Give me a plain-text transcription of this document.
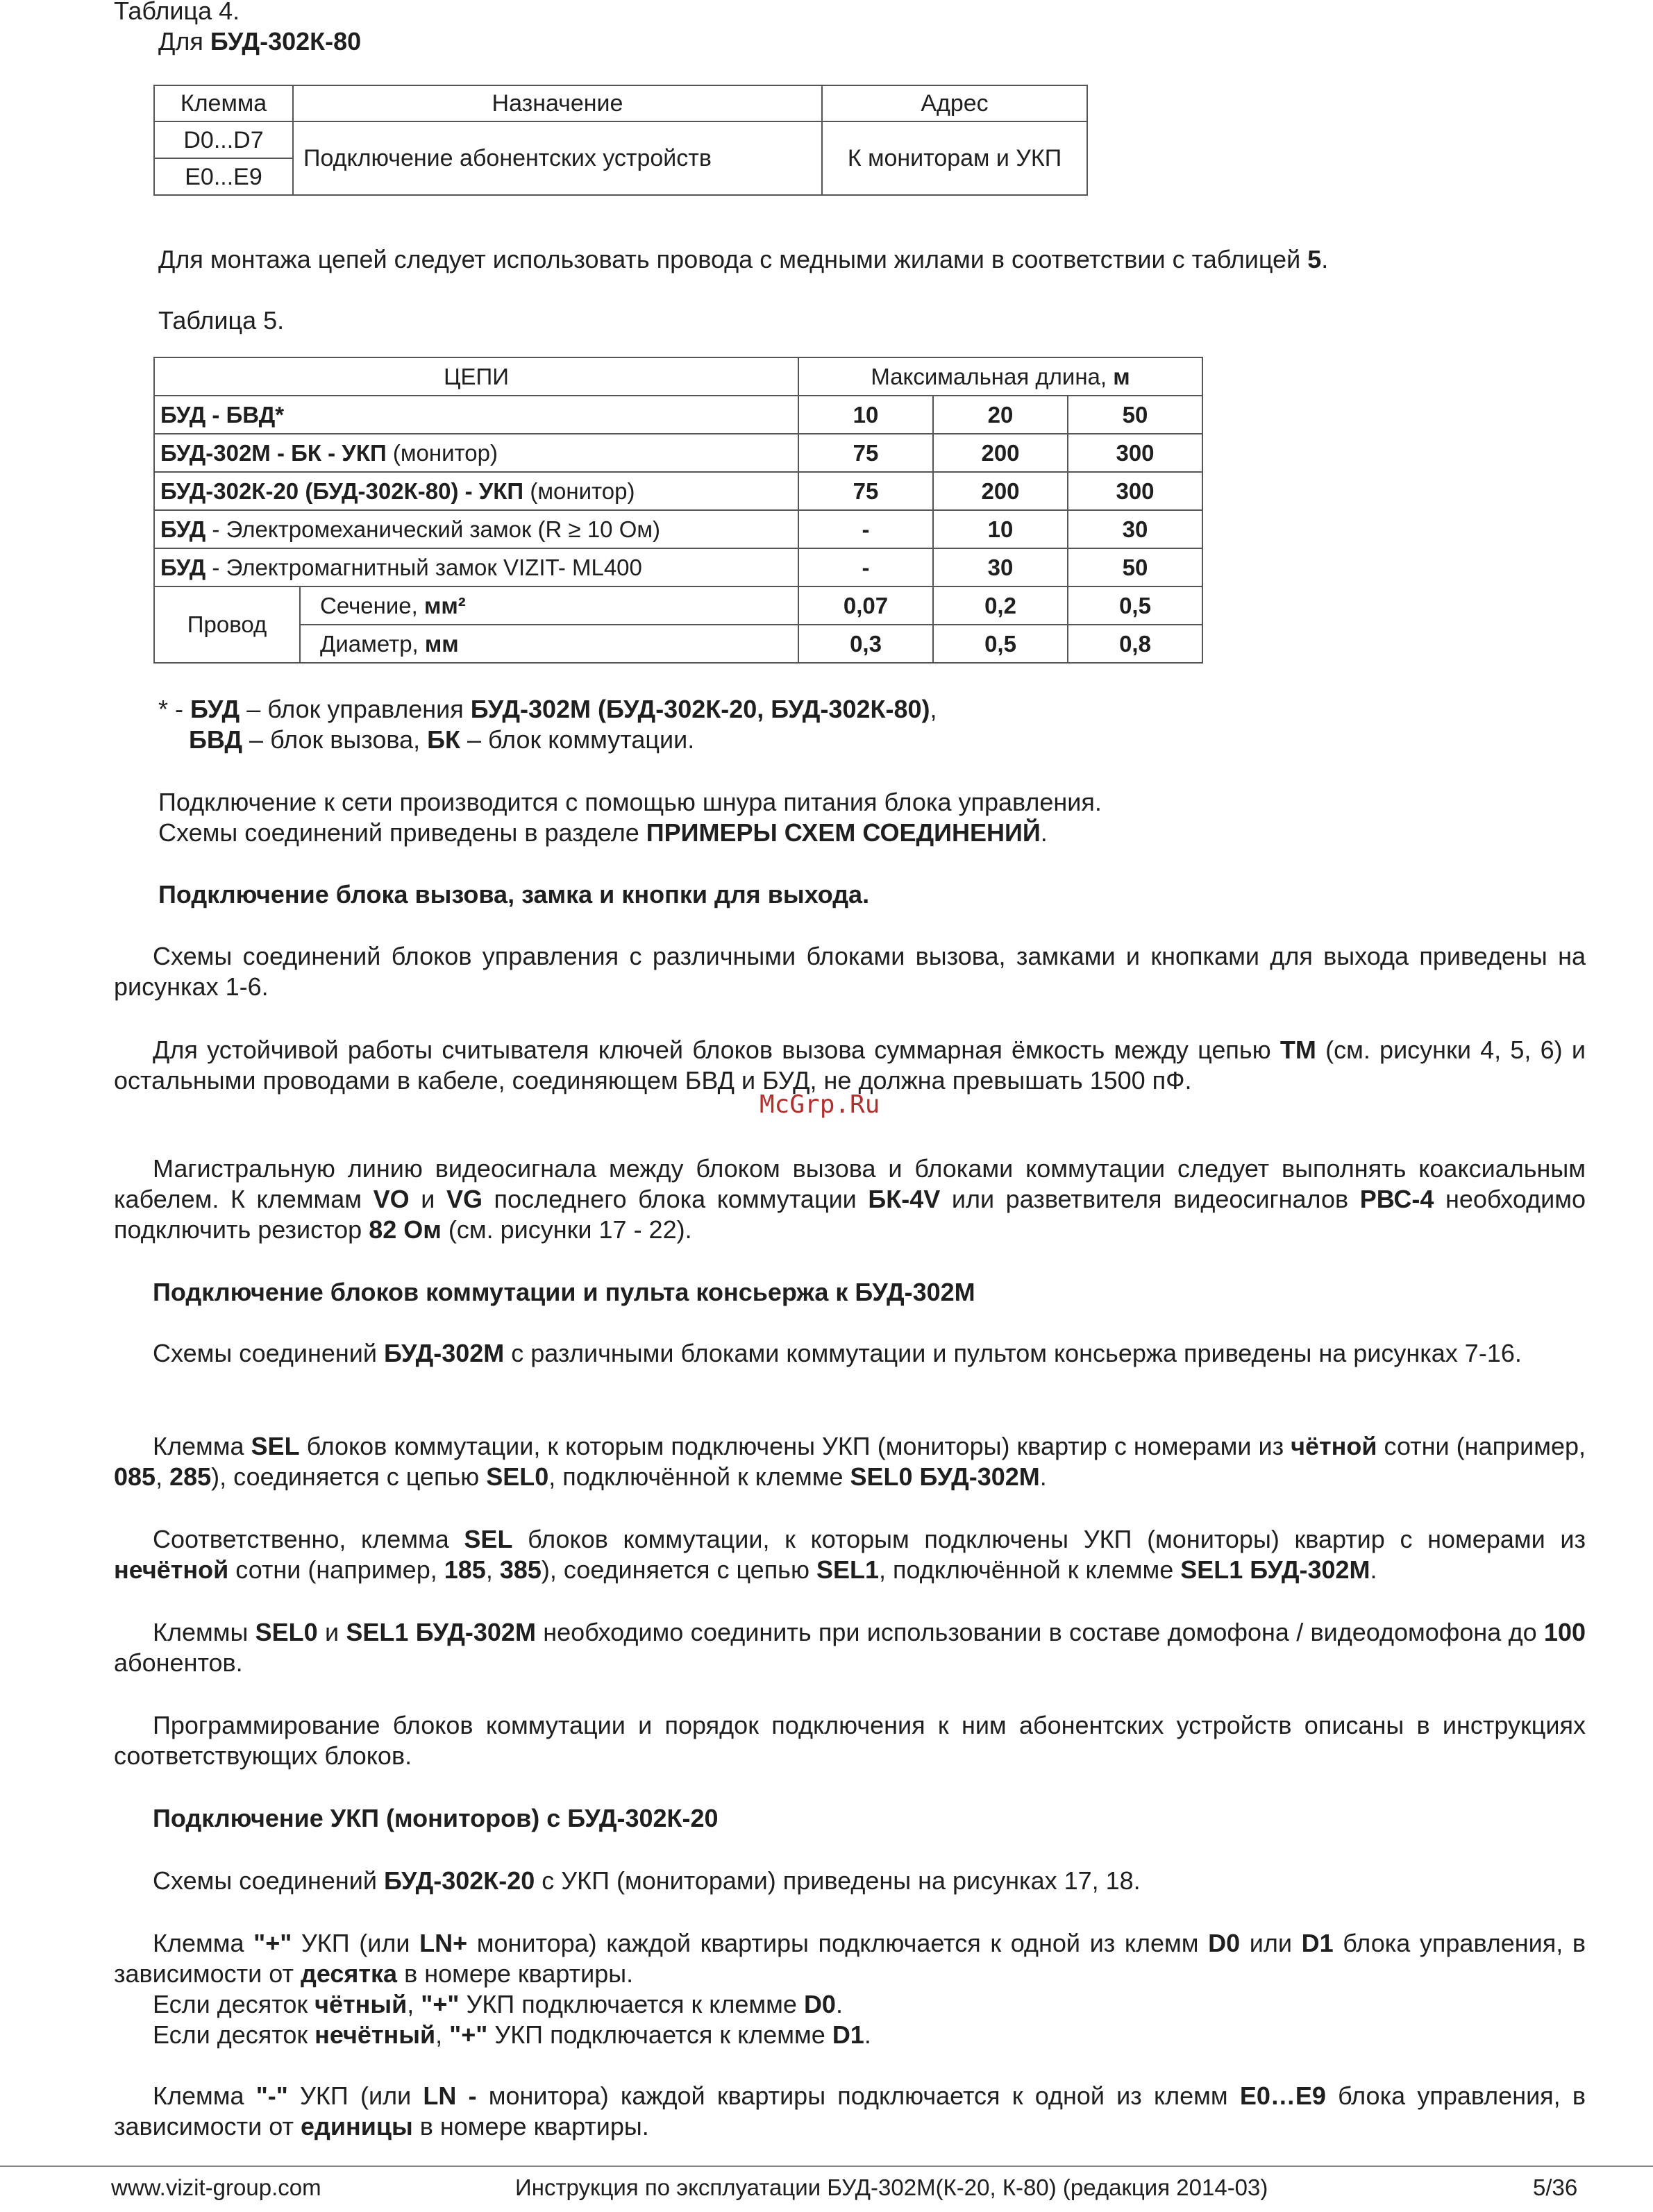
Таблица 4.
Для БУД-302К-80
Клемма	Назначение	Адрес
D0...D7	Подключение абонентских устройств	К мониторам и УКП
E0...E9		
Для монтажа цепей следует использовать провода с медными жилами в соответствии с таблицей 5.
Таблица 5.
ЦЕПИ		Максимальная длина, м		
БУД - БВД*		10	20	50
БУД-302М - БК - УКП (монитор)		75	200	300
БУД-302К-20 (БУД-302К-80) - УКП (монитор)		75	200	300
БУД - Электромеханический замок (R ≥ 10 Ом)		-	10	30
БУД - Электромагнитный замок VIZIT- ML400		-	30	50
Провод	Сечение, мм²	0,07	0,2	0,5
	Диаметр, мм	0,3	0,5	0,8
* - БУД – блок управления БУД-302М (БУД-302К-20, БУД-302К-80),
БВД – блок вызова, БК – блок коммутации.
Подключение к сети производится с помощью шнура питания блока управления.
Схемы соединений приведены в разделе ПРИМЕРЫ СХЕМ СОЕДИНЕНИЙ.
Подключение блока вызова, замка и кнопки для выхода.
Схемы соединений блоков управления с различными блоками вызова, замками и кнопками для выхода приведены на рисунках 1-6.
Для устойчивой работы считывателя ключей блоков вызова суммарная ёмкость между цепью ТМ (см. рисунки 4, 5, 6) и остальными проводами в кабеле, соединяющем БВД и БУД, не должна превышать 1500 пФ.
McGrp.Ru
Магистральную линию видеосигнала между блоком вызова и блоками коммутации следует выполнять коаксиальным кабелем. К клеммам VO и VG последнего блока коммутации БК-4V или разветвителя видеосигналов РВС-4 необходимо подключить резистор 82 Ом (см. рисунки 17 - 22).
Подключение блоков коммутации и пульта консьержа к БУД-302М
Схемы соединений БУД-302М с различными блоками коммутации и пультом консьержа приведены на рисунках 7-16.
Клемма SEL блоков коммутации, к которым подключены УКП (мониторы) квартир с номерами из чётной сотни (например, 085, 285), соединяется с цепью SEL0, подключённой к клемме SEL0 БУД-302М.
Соответственно, клемма SEL блоков коммутации, к которым подключены УКП (мониторы) квартир с номерами из нечётной сотни (например, 185, 385), соединяется с цепью SEL1, подключённой к клемме SEL1 БУД-302М.
Клеммы SEL0 и SEL1 БУД-302М необходимо соединить при использовании в составе домофона / видеодомофона до 100 абонентов.
Программирование блоков коммутации и порядок подключения к ним абонентских устройств описаны в инструкциях соответствующих блоков.
Подключение УКП (мониторов) с БУД-302К-20
Схемы соединений БУД-302К-20 с УКП (мониторами) приведены на рисунках 17, 18.
Клемма "+" УКП (или LN+ монитора) каждой квартиры подключается к одной из клемм D0 или D1 блока управления, в зависимости от десятка в номере квартиры.
Если десяток чётный, "+" УКП подключается к клемме D0.
Если десяток нечётный, "+" УКП подключается к клемме D1.
Клемма "-" УКП (или LN - монитора) каждой квартиры подключается к одной из клемм E0…E9 блока управления, в зависимости от единицы в номере квартиры.
www.vizit-group.com	Инструкция по эксплуатации БУД-302М(К-20, К-80) (редакция 2014-03)	5/36
